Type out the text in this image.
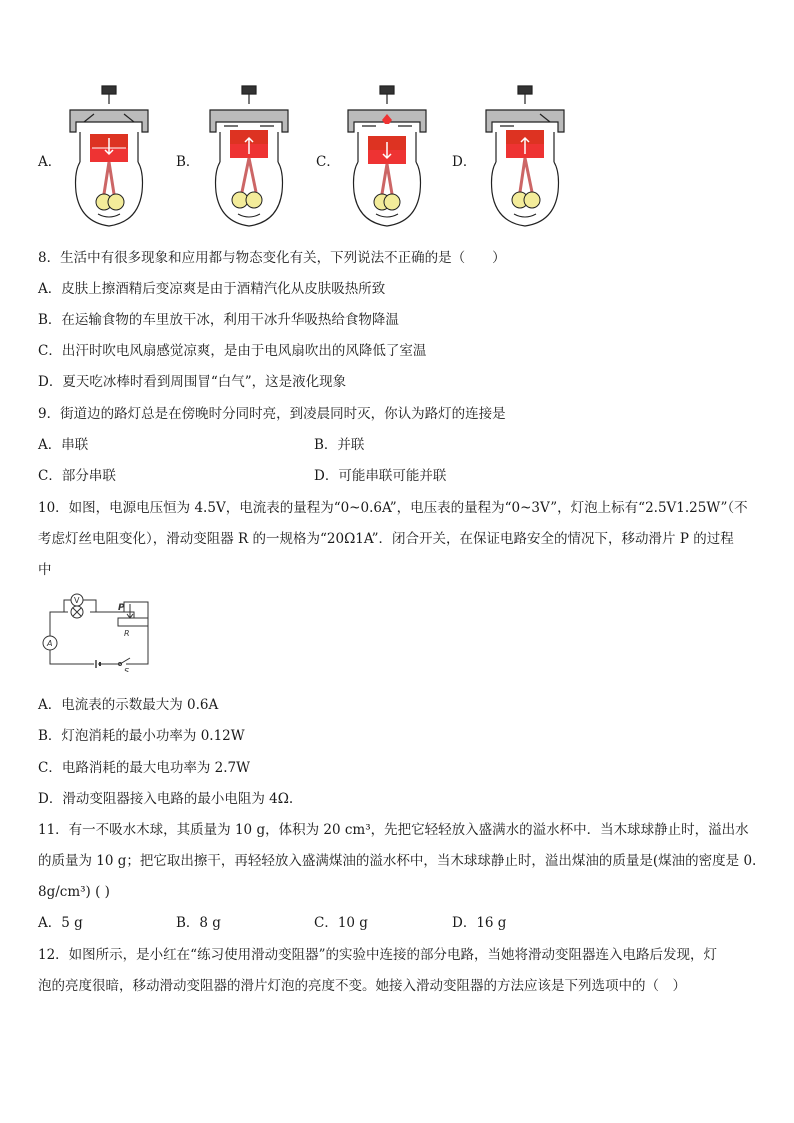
A．	B．	C．	D．
8．生活中有很多现象和应用都与物态变化有关，下列说法不正确的是（　　）
A．皮肤上擦酒精后变凉爽是由于酒精汽化从皮肤吸热所致
B．在运输食物的车里放干冰，利用干冰升华吸热给食物降温
C．出汗时吹电风扇感觉凉爽，是由于电风扇吹出的风降低了室温
D．夏天吃冰棒时看到周围冒“白气”，这是液化现象
9．街道边的路灯总是在傍晚时分同时亮，到凌晨同时灭，你认为路灯的连接是
A．串联	B．并联
C．部分串联	D．可能串联可能并联
10．如图，电源电压恒为 4.5V，电流表的量程为“0~0.6A”，电压表的量程为“0~3V”，灯泡上标有“2.5V1.25W”（不
考虑灯丝电阻变化），滑动变阻器 R 的一规格为“20Ω1A”．闭合开关，在保证电路安全的情况下，移动滑片 P 的过程
中
V
A
P
R
S
A．电流表的示数最大为 0.6A
B．灯泡消耗的最小功率为 0.12W
C．电路消耗的最大电功率为 2.7W
D．滑动变阻器接入电路的最小电阻为 4Ω.
11．有一不吸水木球，其质量为 10 g，体积为 20 cm³，先把它轻轻放入盛满水的溢水杯中．当木球球静止时，溢出水
的质量为 10 g；把它取出擦干，再轻轻放入盛满煤油的溢水杯中，当木球球静止时，溢出煤油的质量是(煤油的密度是 0.
8g/cm³) ( )
A．5 g	B．8 g	C．10 g	D．16 g
12．如图所示，是小红在“练习使用滑动变阻器”的实验中连接的部分电路，当她将滑动变阻器连入电路后发现，灯
泡的亮度很暗，移动滑动变阻器的滑片灯泡的亮度不变。她接入滑动变阻器的方法应该是下列选项中的（　）
